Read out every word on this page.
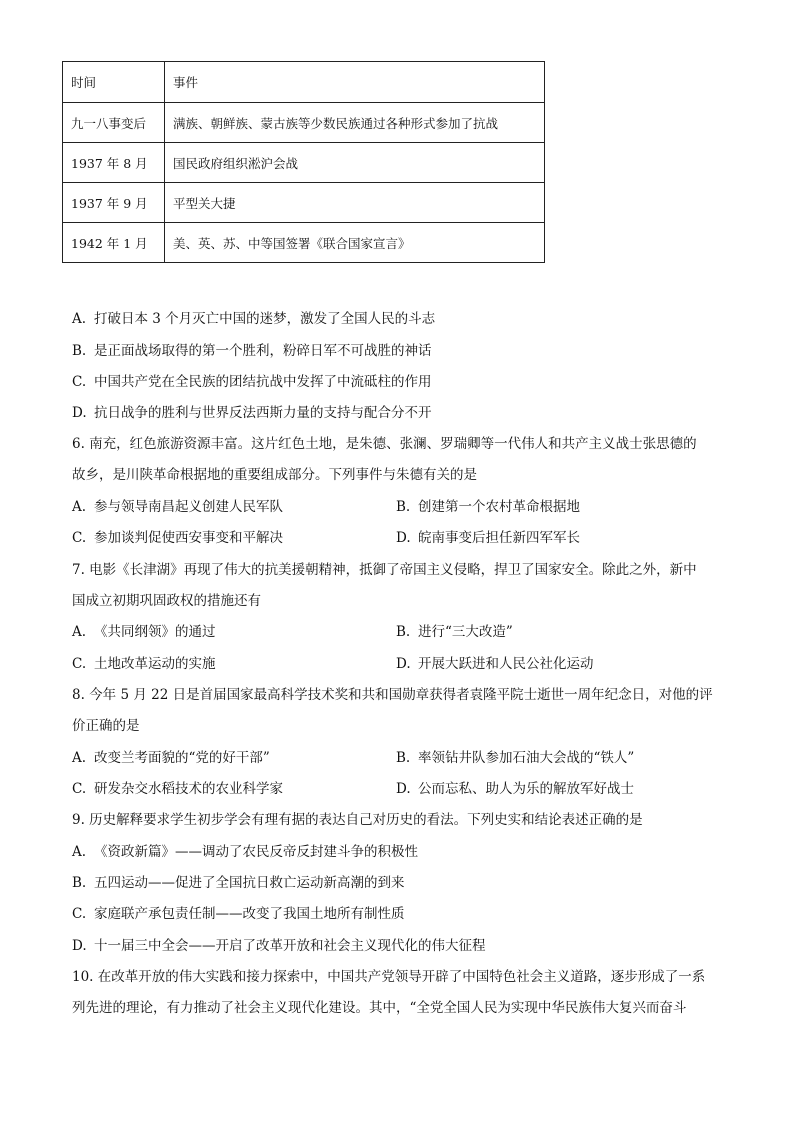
时间	事件
九一八事变后	满族、朝鲜族、蒙古族等少数民族通过各种形式参加了抗战
1937 年 8 月	国民政府组织淞沪会战
1937 年 9 月	平型关大捷
1942 年 1 月	美、英、苏、中等国签署《联合国家宣言》
A. 打破日本 3 个月灭亡中国的迷梦，激发了全国人民的斗志
B. 是正面战场取得的第一个胜利，粉碎日军不可战胜的神话
C. 中国共产党在全民族的团结抗战中发挥了中流砥柱的作用
D. 抗日战争的胜利与世界反法西斯力量的支持与配合分不开
6. 南充，红色旅游资源丰富。这片红色土地，是朱德、张澜、罗瑞卿等一代伟人和共产主义战士张思德的
故乡，是川陕革命根据地的重要组成部分。下列事件与朱德有关的是
A. 参与领导南昌起义创建人民军队	B. 创建第一个农村革命根据地
C. 参加谈判促使西安事变和平解决	D. 皖南事变后担任新四军军长
7. 电影《长津湖》再现了伟大的抗美援朝精神，抵御了帝国主义侵略，捍卫了国家安全。除此之外，新中
国成立初期巩固政权的措施还有
A. 《共同纲领》的通过	B. 进行“三大改造”
C. 土地改革运动的实施	D. 开展大跃进和人民公社化运动
8. 今年 5 月 22 日是首届国家最高科学技术奖和共和国勋章获得者袁隆平院士逝世一周年纪念日，对他的评
价正确的是
A. 改变兰考面貌的“党的好干部”	B. 率领钻井队参加石油大会战的“铁人”
C. 研发杂交水稻技术的农业科学家	D. 公而忘私、助人为乐的解放军好战士
9. 历史解释要求学生初步学会有理有据的表达自己对历史的看法。下列史实和结论表述正确的是
A. 《资政新篇》——调动了农民反帝反封建斗争的积极性
B. 五四运动——促进了全国抗日救亡运动新高潮的到来
C. 家庭联产承包责任制——改变了我国土地所有制性质
D. 十一届三中全会——开启了改革开放和社会主义现代化的伟大征程
10. 在改革开放的伟大实践和接力探索中，中国共产党领导开辟了中国特色社会主义道路，逐步形成了一系
列先进的理论，有力推动了社会主义现代化建设。其中，“全党全国人民为实现中华民族伟大复兴而奋斗
